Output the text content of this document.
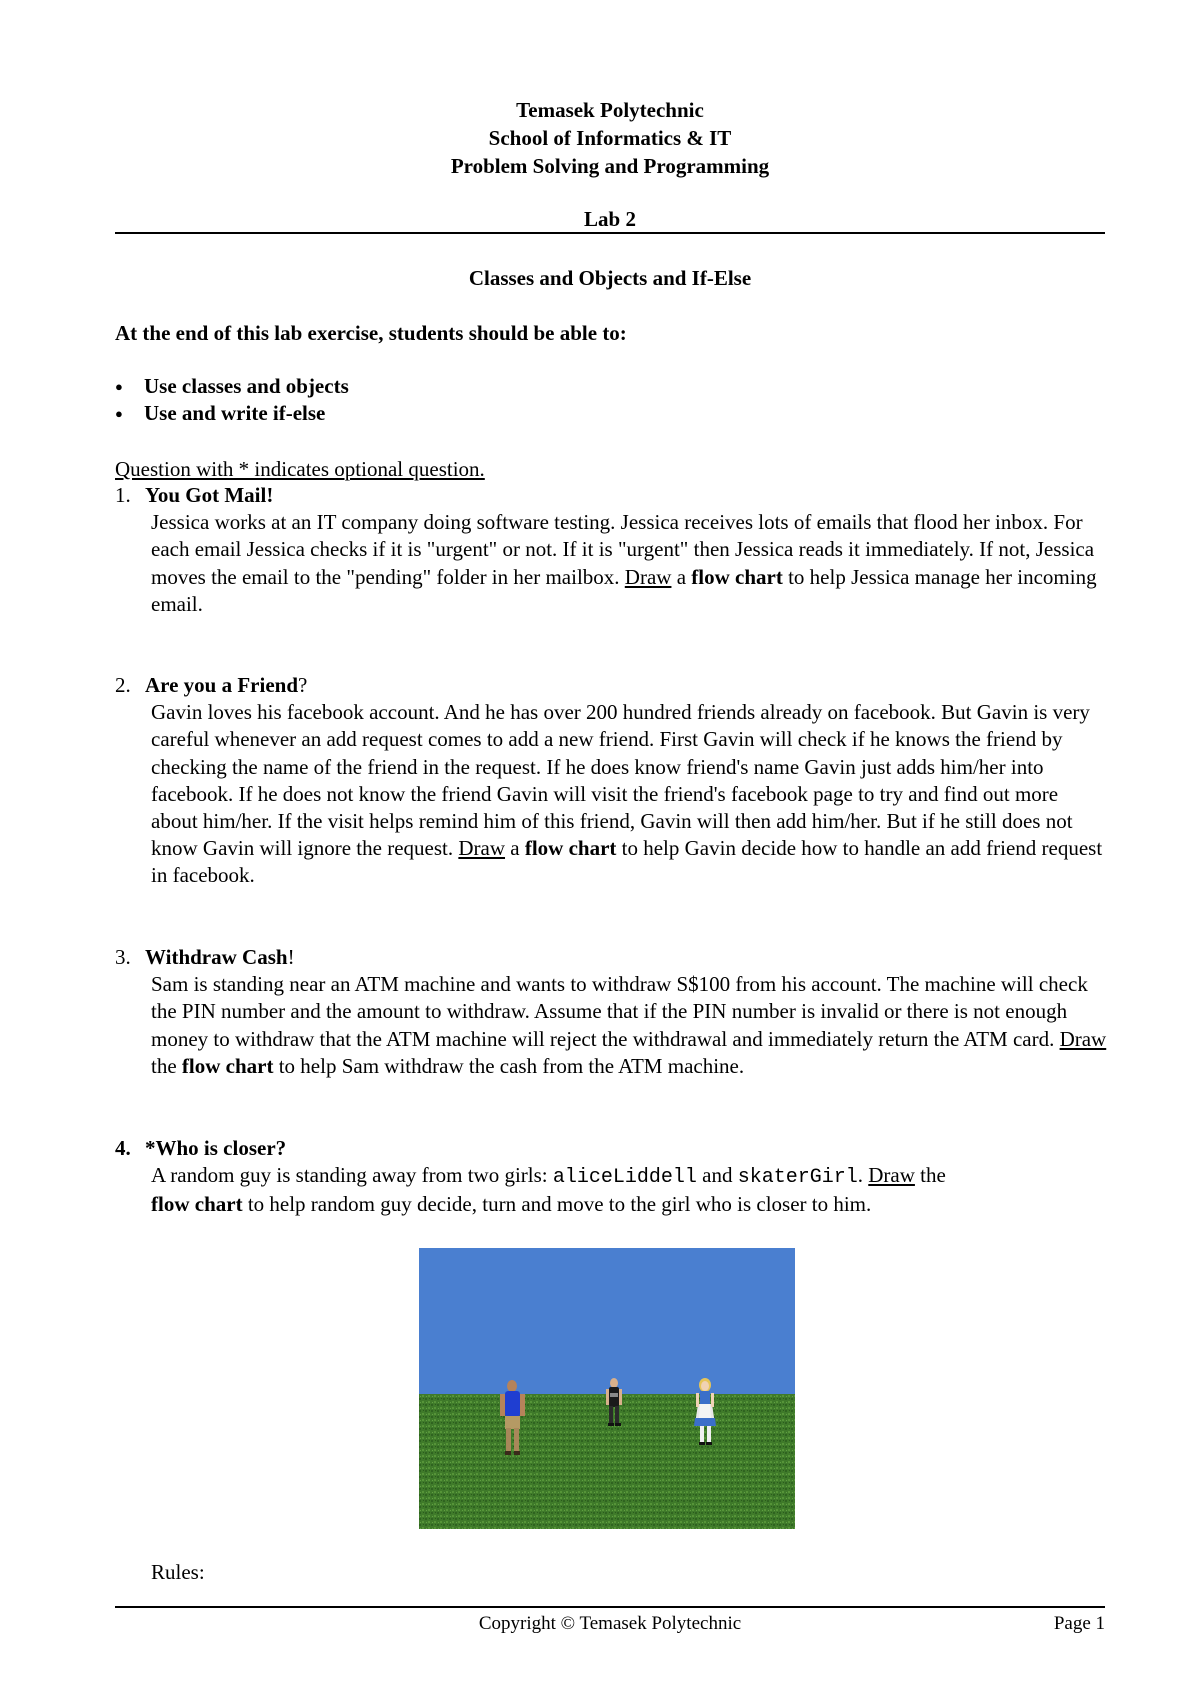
Temasek Polytechnic
School of Informatics & IT
Problem Solving and Programming
Lab 2
Classes and Objects and If-Else
At the end of this lab exercise, students should be able to:
● Use classes and objects
● Use and write if-else
Question with * indicates optional question.
1. You Got Mail!
Jessica works at an IT company doing software testing. Jessica receives lots of emails that flood her inbox. For each email Jessica checks if it is "urgent" or not. If it is "urgent" then Jessica reads it immediately. If not, Jessica moves the email to the "pending" folder in her mailbox. Draw a flow chart to help Jessica manage her incoming email.
2. Are you a Friend?
Gavin loves his facebook account. And he has over 200 hundred friends already on facebook. But Gavin is very careful whenever an add request comes to add a new friend. First Gavin will check if he knows the friend by checking the name of the friend in the request. If he does know friend's name Gavin just adds him/her into facebook. If he does not know the friend Gavin will visit the friend's facebook page to try and find out more about him/her. If the visit helps remind him of this friend, Gavin will then add him/her. But if he still does not know Gavin will ignore the request. Draw a flow chart to help Gavin decide how to handle an add friend request in facebook.
3. Withdraw Cash!
Sam is standing near an ATM machine and wants to withdraw S$100 from his account. The machine will check the PIN number and the amount to withdraw. Assume that if the PIN number is invalid or there is not enough money to withdraw that the ATM machine will reject the withdrawal and immediately return the ATM card. Draw the flow chart to help Sam withdraw the cash from the ATM machine.
4. *Who is closer?
A random guy is standing away from two girls: aliceLiddell and skaterGirl. Draw the
flow chart to help random guy decide, turn and move to the girl who is closer to him.
Rules:
Copyright © Temasek Polytechnic	Page 1
